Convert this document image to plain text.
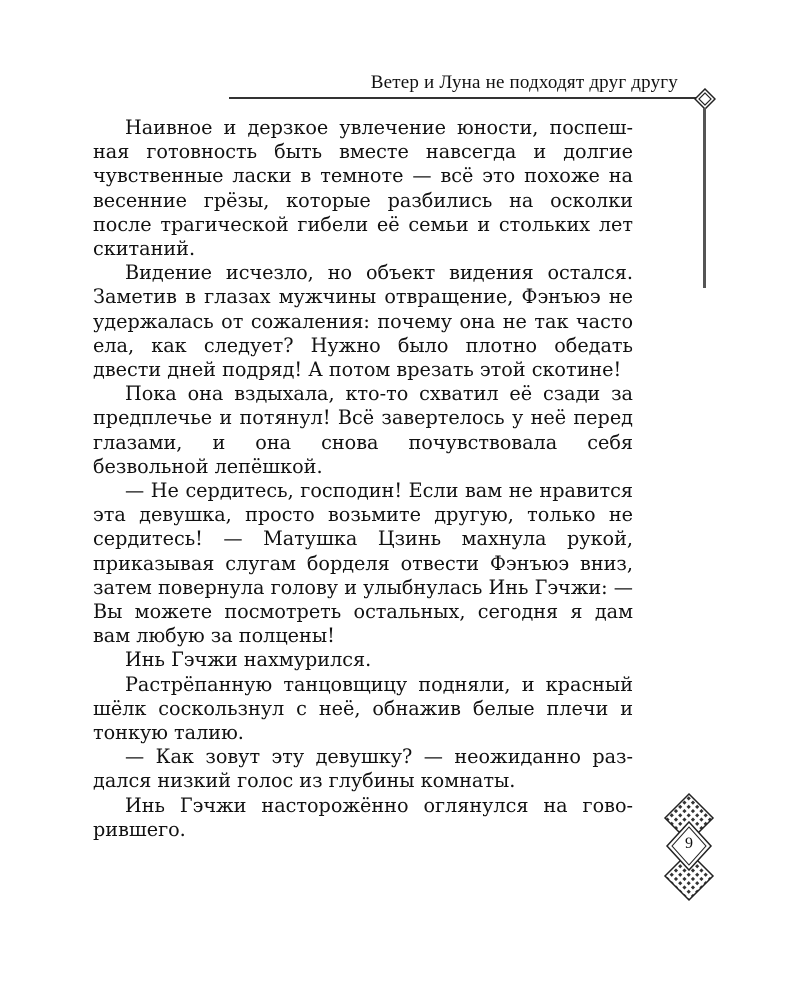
Ветер и Луна не подходят друг другу

Наивное и дерзкое увлечение юности, поспешная готовность быть вместе навсегда и долгие чувственные ласки в темноте — всё это похоже на весенние грёзы, которые разбились на осколки после трагической гибели её семьи и стольких лет скитаний.

Видение исчезло, но объект видения остался. Заметив в глазах мужчины отвращение, Фэнъюэ не удержалась от сожаления: почему она не так часто ела, как следует? Нужно было плотно обедать двести дней подряд! А потом врезать этой скотине!

Пока она вздыхала, кто-то схватил её сзади за предплечье и потянул! Всё завертелось у неё перед глазами, и она снова почувствовала себя безвольной лепёшкой.

— Не сердитесь, господин! Если вам не нравится эта девушка, просто возьмите другую, только не сердитесь! — Матушка Цзинь махнула рукой, приказывая слугам борделя отвести Фэнъюэ вниз, затем повернула голову и улыбнулась Инь Гэчжи: — Вы можете посмотреть остальных, сегодня я дам вам любую за полцены!

Инь Гэчжи нахмурился.

Растрёпанную танцовщицу подняли, и красный шёлк соскользнул с неё, обнажив белые плечи и тонкую талию.

— Как зовут эту девушку? — неожиданно раздался низкий голос из глубины комнаты.

Инь Гэчжи насторожённо оглянулся на говорившего.

9
